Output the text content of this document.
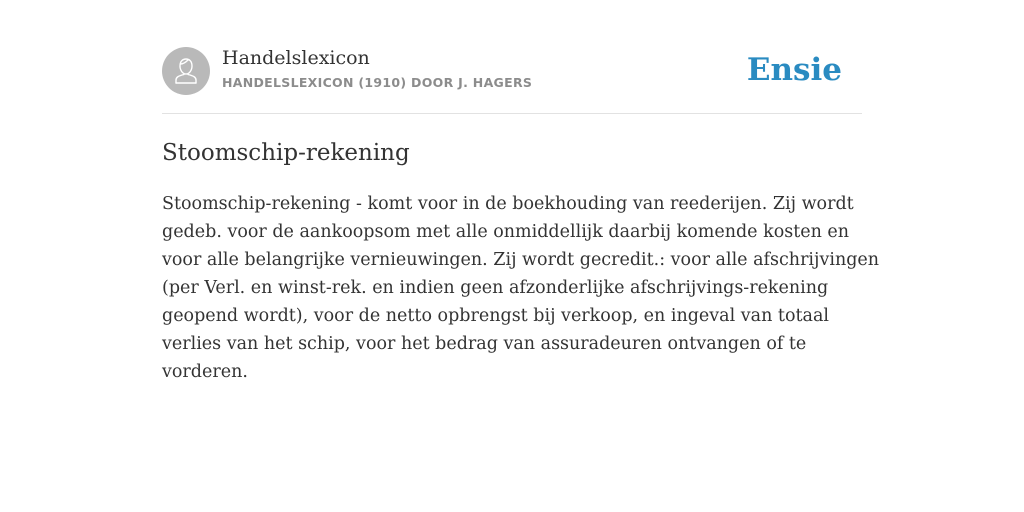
Handelslexicon
HANDELSLEXICON (1910) DOOR J. HAGERS	Ensie
Stoomschip-rekening
Stoomschip-rekening - komt voor in de boekhouding van reederijen. Zij wordt
gedeb. voor de aankoopsom met alle onmiddellijk daarbij komende kosten en
voor alle belangrijke vernieuwingen. Zij wordt gecredit.: voor alle afschrijvingen
(per Verl. en winst-rek. en indien geen afzonderlijke afschrijvings-rekening
geopend wordt), voor de netto opbrengst bij verkoop, en ingeval van totaal
verlies van het schip, voor het bedrag van assuradeuren ontvangen of te
vorderen.
